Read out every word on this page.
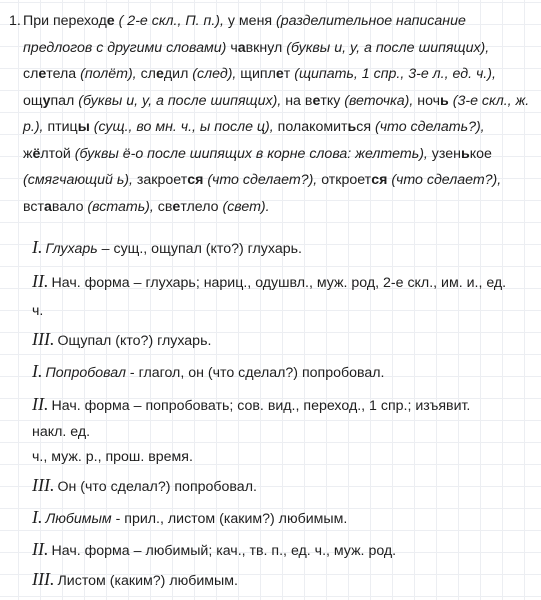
1. При переходе ( 2-е скл., П. п.), у меня (разделительное написание предлогов с другими словами) чавкнул (буквы и, у, а после шипящих), слетела (полёт), следил (след), щиплет (щипать, 1 спр., 3-е л., ед. ч.), ощупал (буквы и, у, а после шипящих), на ветку (веточка), ночь (3-е скл., ж. р.), птицы (сущ., во мн. ч., ы после ц), полакомиться (что сделать?), жёлтой (буквы ё-о после шипящих в корне слова: желтеть), узенькое (смягчающий ь), закроется (что сделает?), откроется (что сделает?), вставало (встать), светлело (свет).
I. Глухарь – сущ., ощупал (кто?) глухарь.
II. Нач. форма – глухарь; нариц., одушвл., муж. род, 2-е скл., им. и., ед.
ч.
III. Ощупал (кто?) глухарь.
I. Попробовал - глагол, он (что сделал?) попробовал.
II. Нач. форма – попробовать; сов. вид., переход., 1 спр.; изъявит.
накл. ед.
ч., муж. р., прош. время.
III. Он (что сделал?) попробовал.
I. Любимым - прил., листом (каким?) любимым.
II. Нач. форма – любимый; кач., тв. п., ед. ч., муж. род.
III. Листом (каким?) любимым.
